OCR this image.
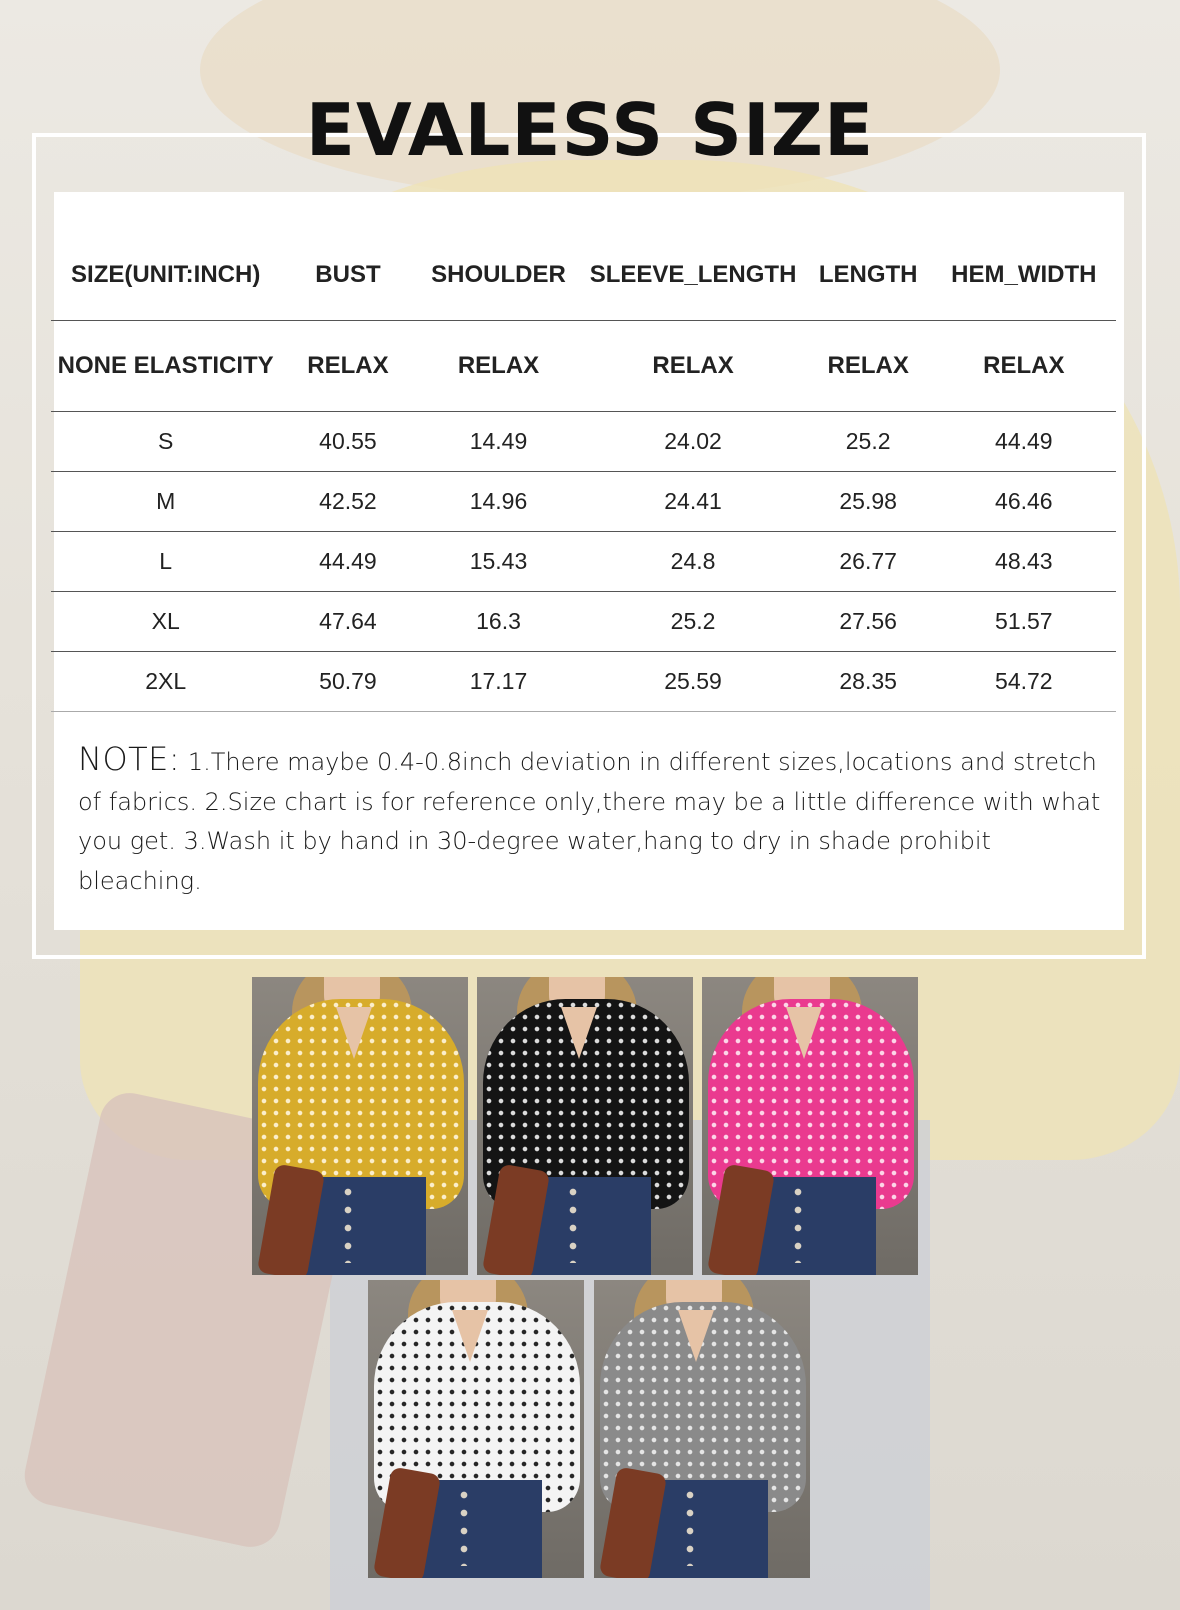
EVALESS SIZE
SIZE(UNIT:INCH)	BUST	SHOULDER	SLEEVE_LENGTH	LENGTH	HEM_WIDTH
NONE ELASTICITY	RELAX	RELAX	RELAX	RELAX	RELAX
S	40.55	14.49	24.02	25.2	44.49
M	42.52	14.96	24.41	25.98	46.46
L	44.49	15.43	24.8	26.77	48.43
XL	47.64	16.3	25.2	27.56	51.57
2XL	50.79	17.17	25.59	28.35	54.72

NOTE: 1.There maybe 0.4-0.8inch deviation in different sizes,locations and stretch of fabrics. 2.Size chart is for reference only,there may be a little difference with what you get. 3.Wash it by hand in 30-degree water,hang to dry in shade prohibit bleaching.
